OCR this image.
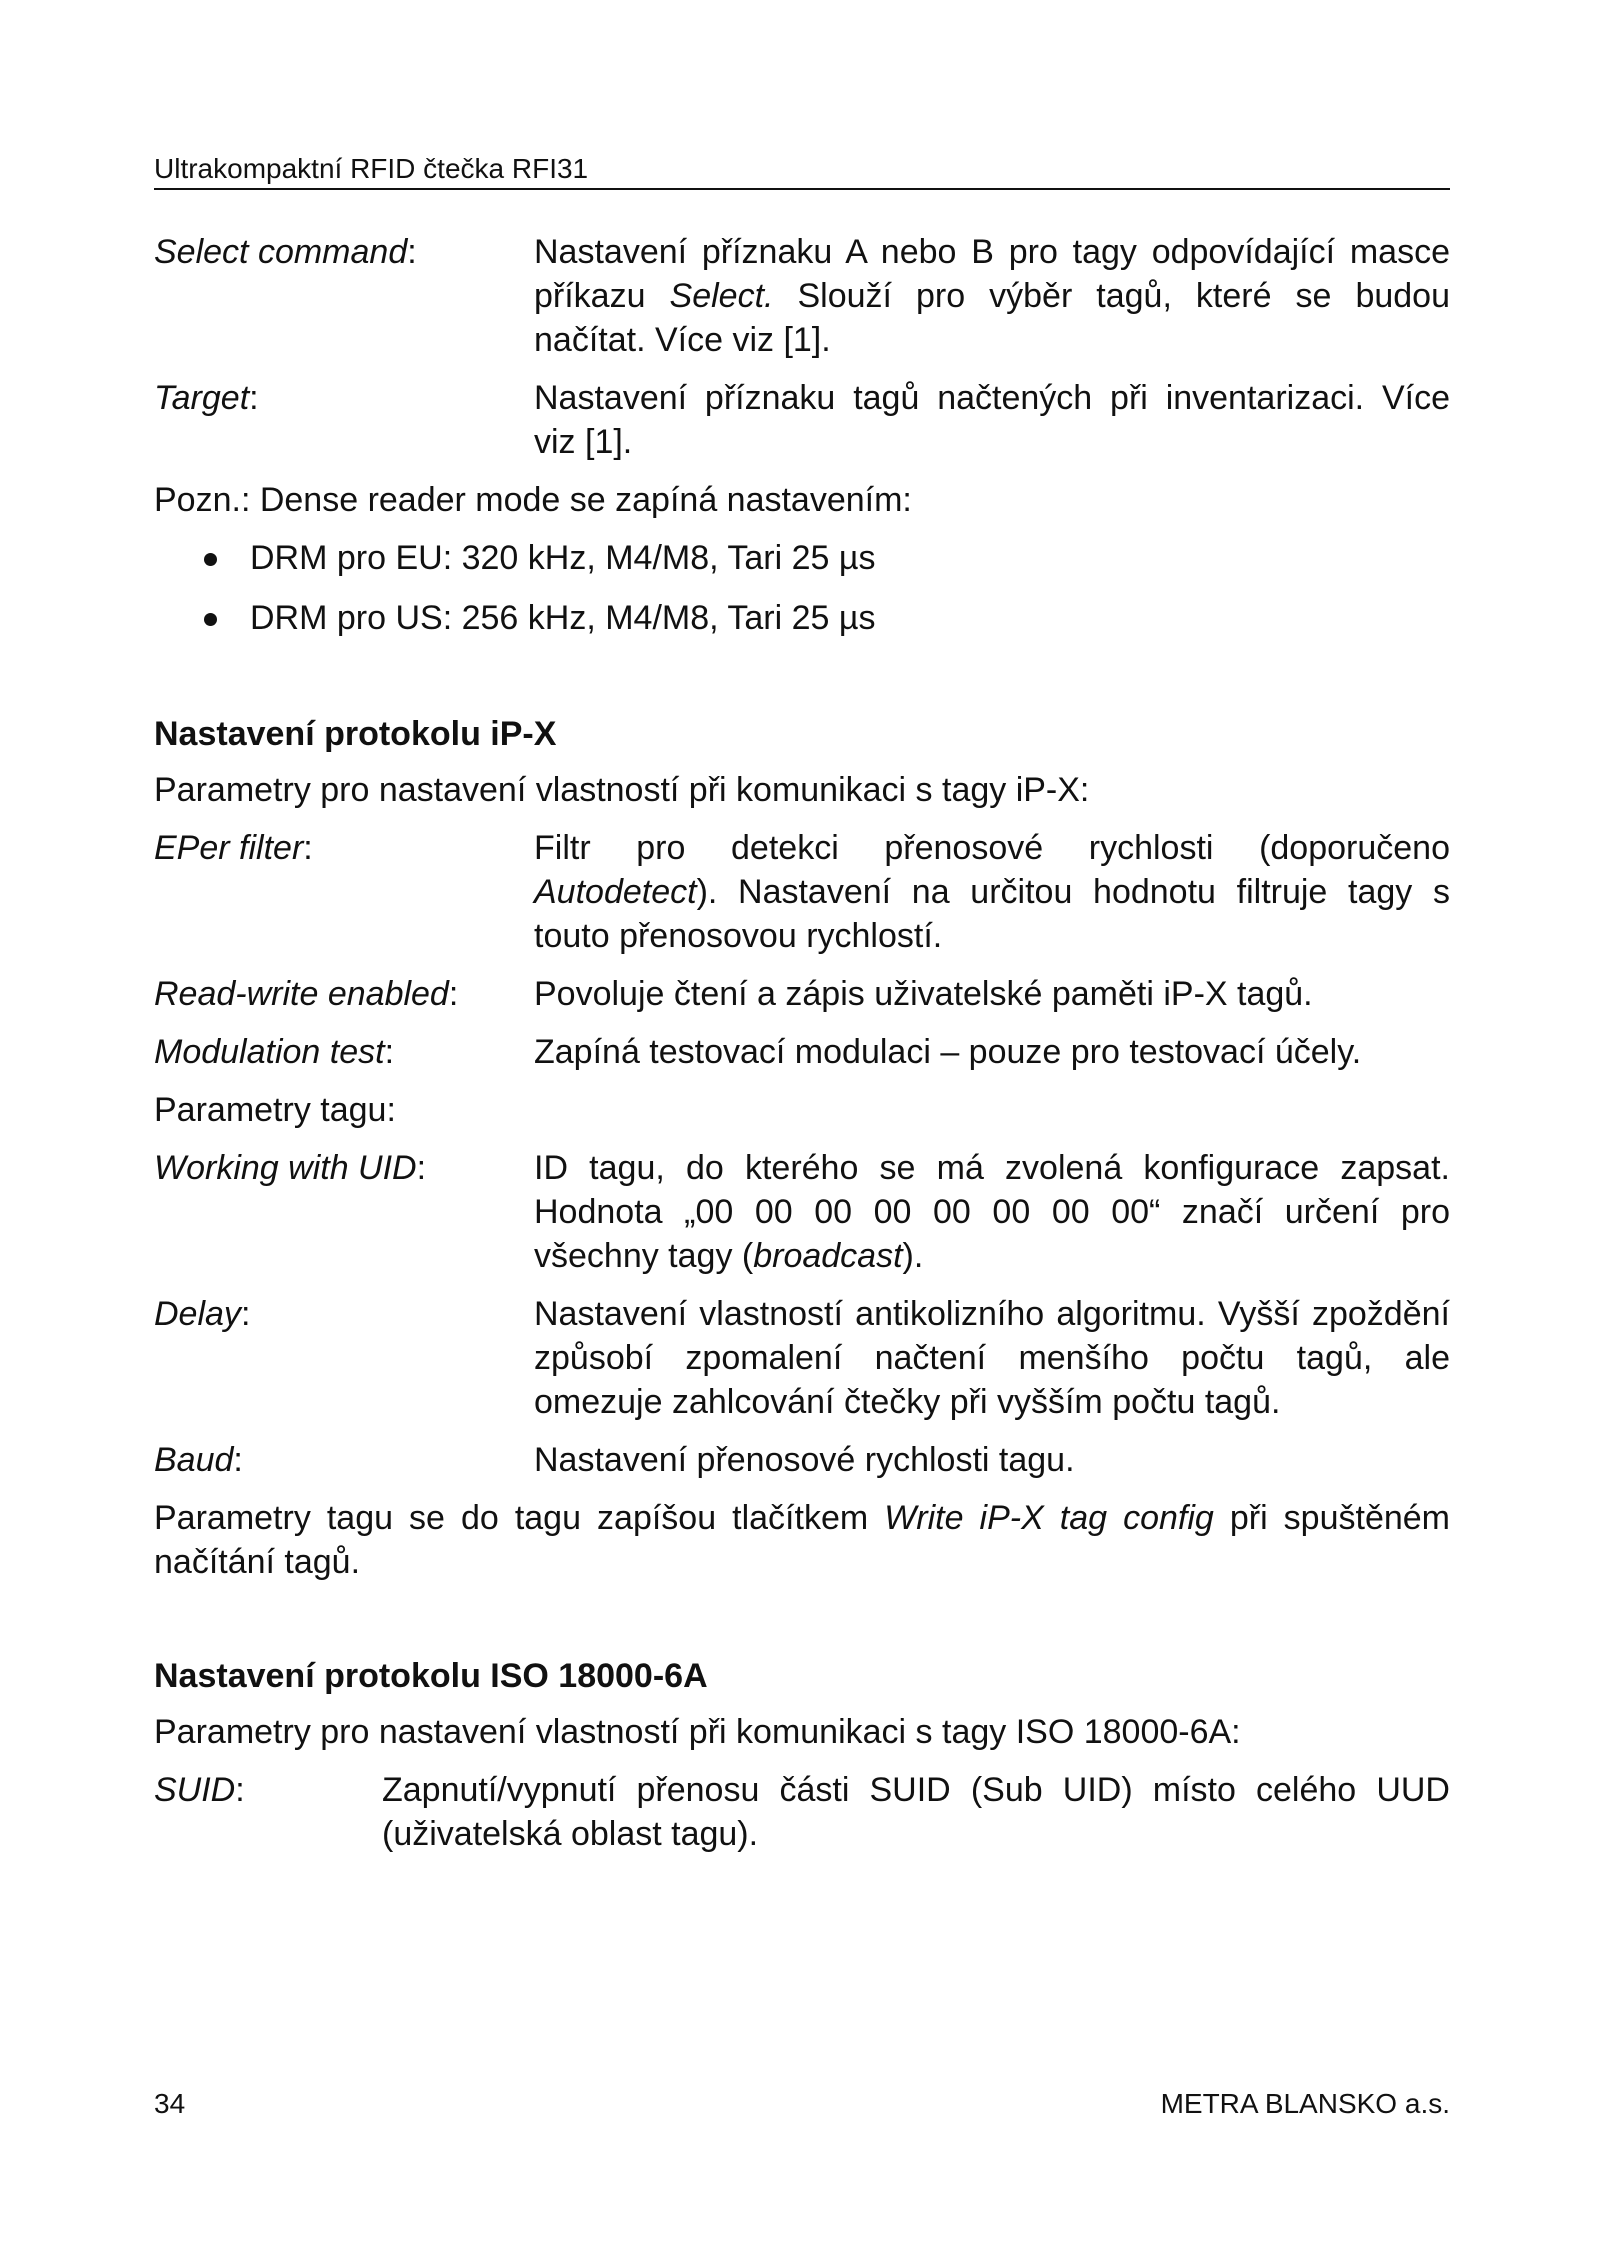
Ultrakompaktní RFID čtečka RFI31
Select command:	Nastavení příznaku A nebo B pro tagy odpovídající masce příkazu Select. Slouží pro výběr tagů, které se budou načítat. Více viz [1].
Target:	Nastavení příznaku tagů načtených při inventarizaci. Více viz [1].

Pozn.: Dense reader mode se zapíná nastavením:

DRM pro EU: 320 kHz, M4/M8, Tari 25 µs
DRM pro US: 256 kHz, M4/M8, Tari 25 µs
Nastavení protokolu iP-X

Parametry pro nastavení vlastností při komunikaci s tagy iP-X:

EPer filter:	Filtr pro detekci přenosové rychlosti (doporučeno Autodetect). Nastavení na určitou hodnotu filtruje tagy s touto přenosovou rychlostí.
Read-write enabled:	Povoluje čtení a zápis uživatelské paměti iP-X tagů.
Modulation test:	Zapíná testovací modulaci – pouze pro testovací účely.

Parametry tagu:

Working with UID:	ID tagu, do kterého se má zvolená konfigurace zapsat. Hodnota „00 00 00 00 00 00 00 00“ značí určení pro všechny tagy (broadcast).
Delay:	Nastavení vlastností antikolizního algoritmu. Vyšší zpoždění způsobí zpomalení načtení menšího počtu tagů, ale omezuje zahlcování čtečky při vyšším počtu tagů.
Baud:	Nastavení přenosové rychlosti tagu.

Parametry tagu se do tagu zapíšou tlačítkem Write iP-X tag config při spuštěném načítání tagů.

Nastavení protokolu ISO 18000-6A

Parametry pro nastavení vlastností při komunikaci s tagy ISO 18000-6A:

SUID:	Zapnutí/vypnutí přenosu části SUID (Sub UID) místo celého UUD (uživatelská oblast tagu).
34	METRA BLANSKO a.s.
